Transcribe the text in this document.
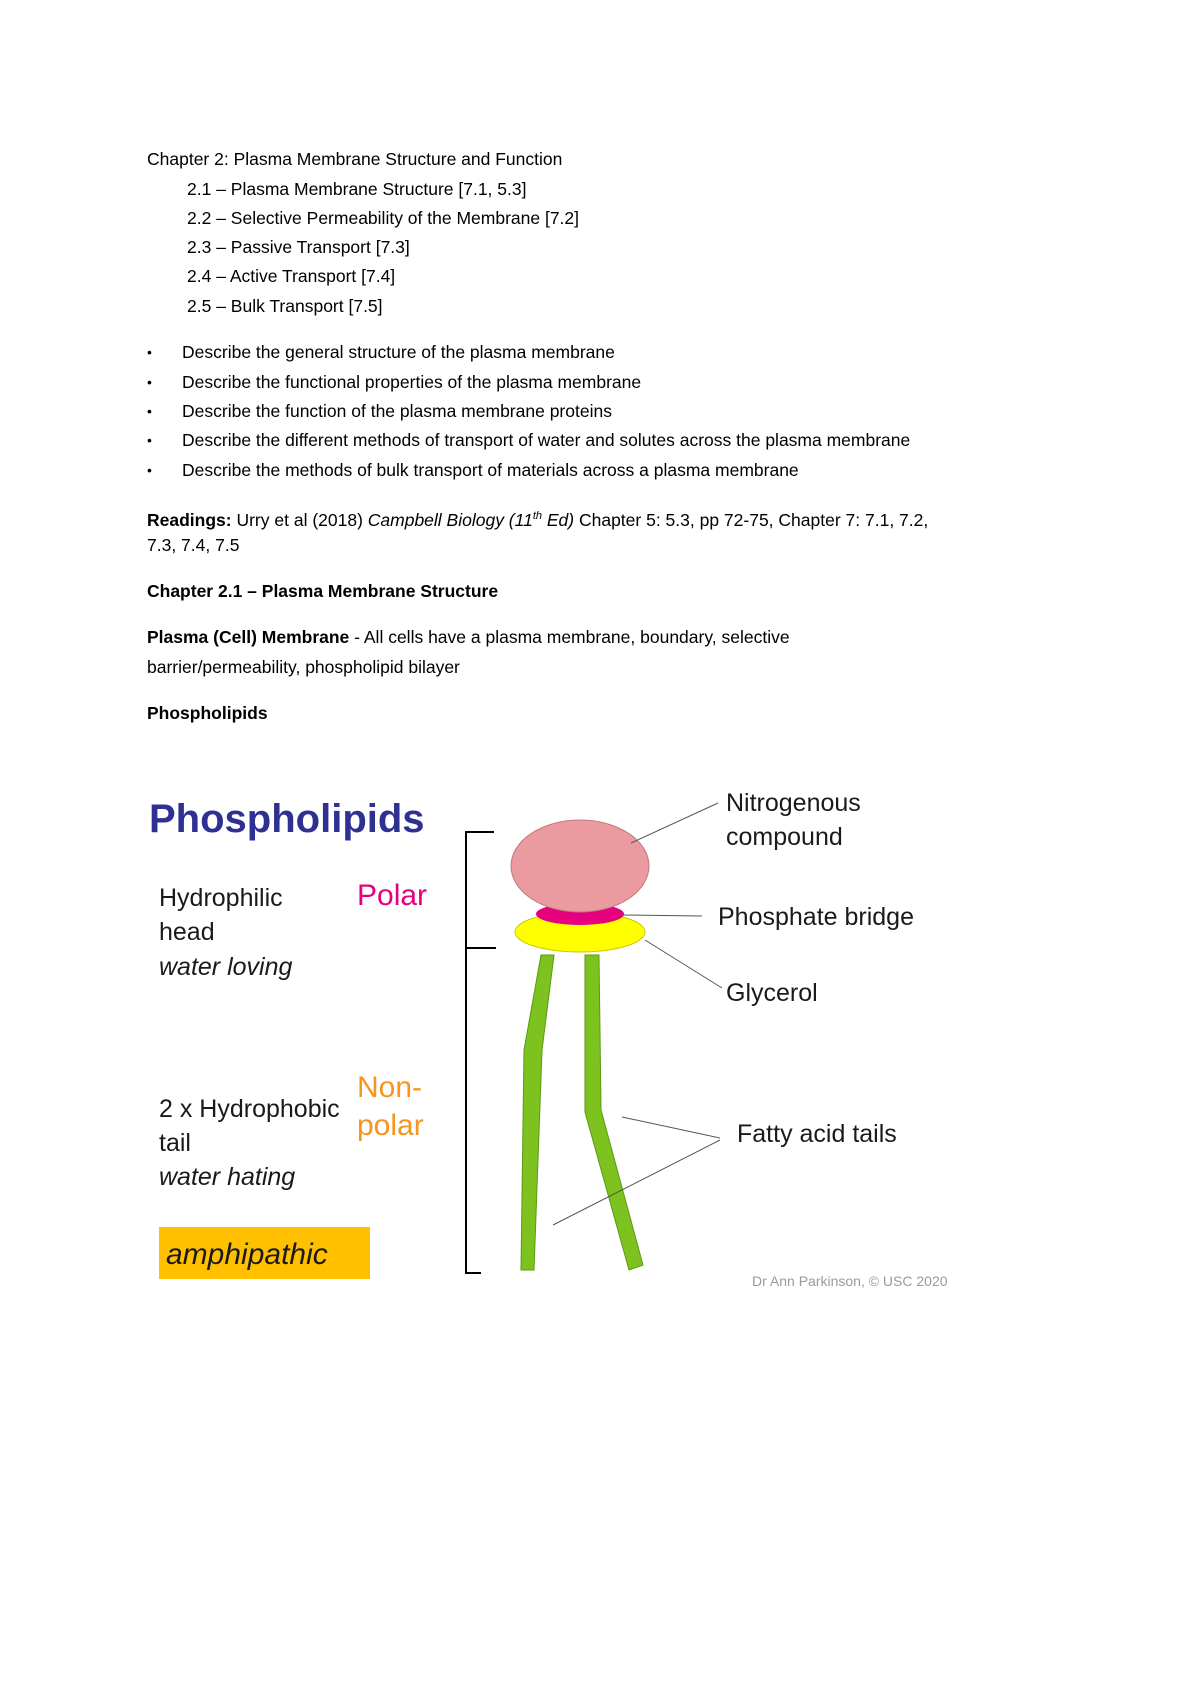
Chapter 2: Plasma Membrane Structure and Function
2.1 – Plasma Membrane Structure [7.1, 5.3]
2.2 – Selective Permeability of the Membrane [7.2]
2.3 – Passive Transport [7.3]
2.4 – Active Transport [7.4]
2.5 – Bulk Transport [7.5]
• Describe the general structure of the plasma membrane
• Describe the functional properties of the plasma membrane
• Describe the function of the plasma membrane proteins
• Describe the different methods of transport of water and solutes across the plasma membrane
• Describe the methods of bulk transport of materials across a plasma membrane
Readings: Urry et al (2018) Campbell Biology (11th Ed) Chapter 5: 5.3, pp 72-75, Chapter 7: 7.1, 7.2,
7.3, 7.4, 7.5
Chapter 2.1 – Plasma Membrane Structure
Plasma (Cell) Membrane - All cells have a plasma membrane, boundary, selective
barrier/permeability, phospholipid bilayer
Phospholipids
Phospholipids
Hydrophilic
head
water loving
Polar
2 x Hydrophobic
tail
water hating
Non-
polar
amphipathic
Nitrogenous
compound
Phosphate bridge
Glycerol
Fatty acid tails
Dr Ann Parkinson, © USC 2020
